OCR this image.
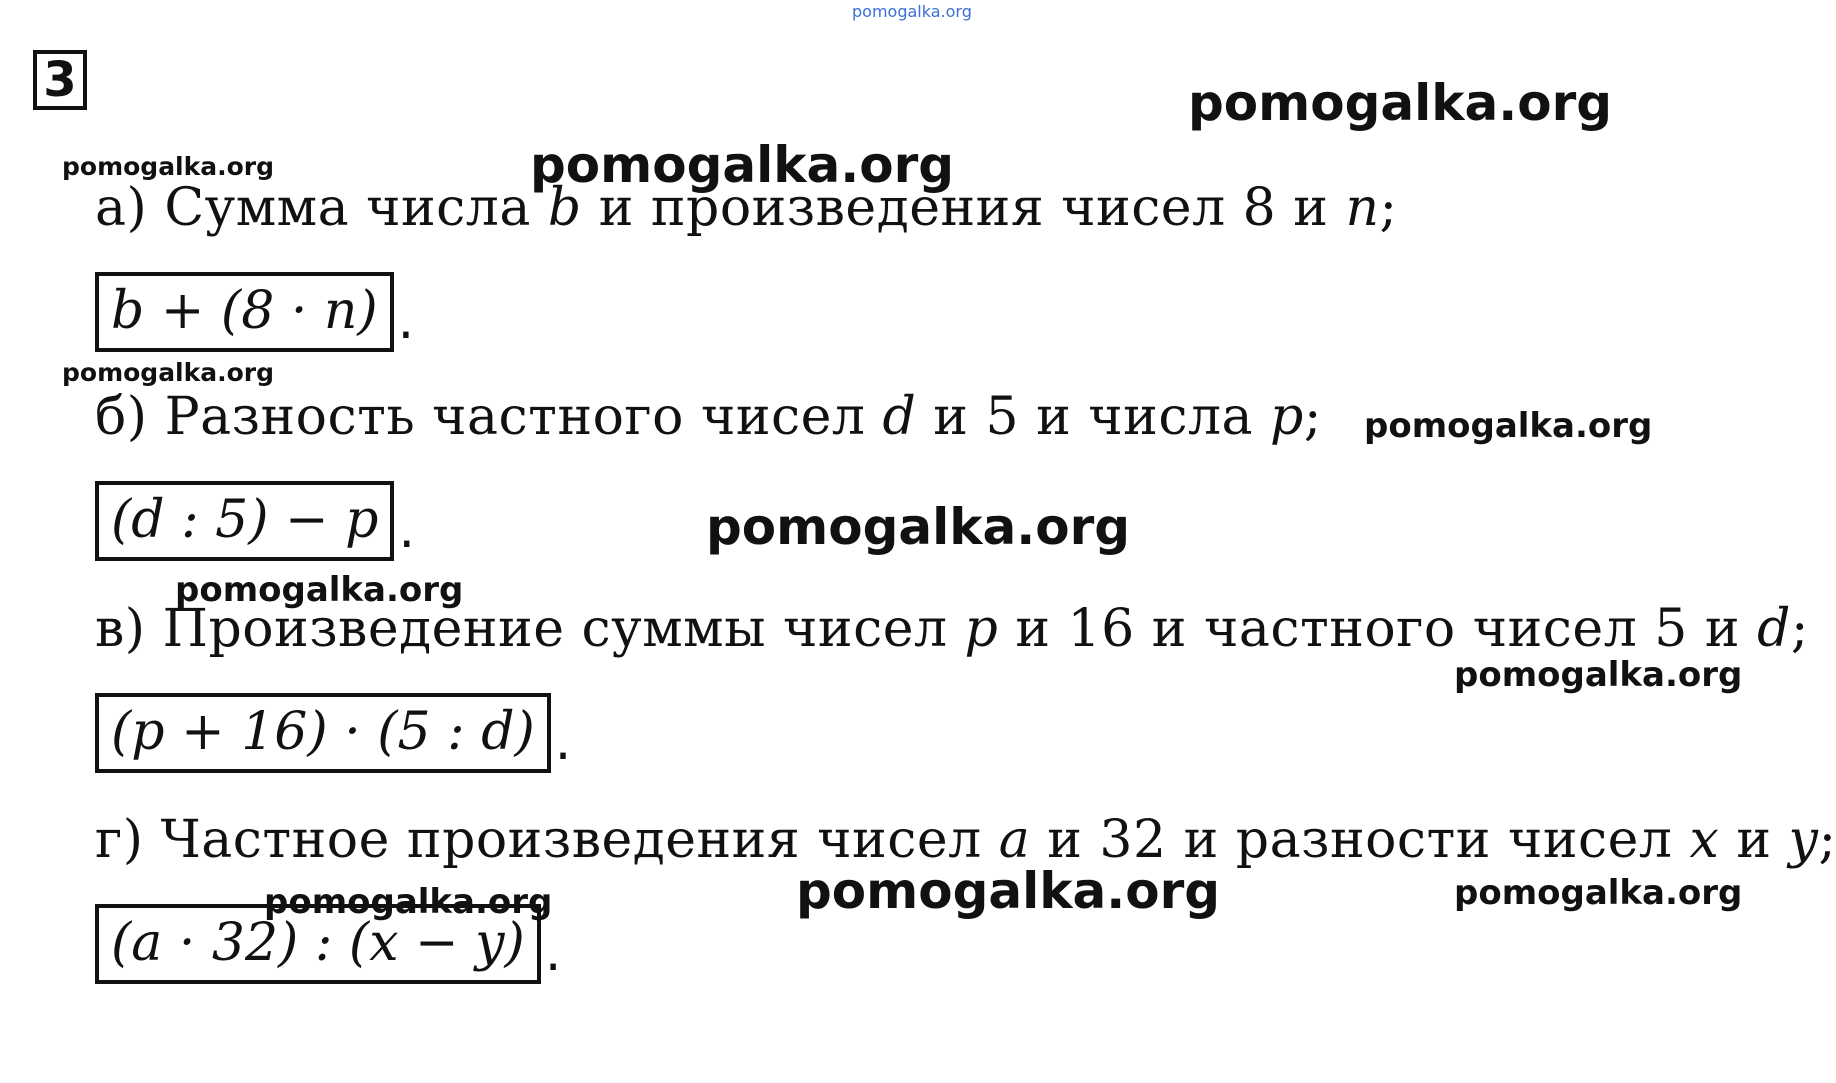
3
а) Сумма числа b и произведения чисел 8 и n;
b + (8 · n) .
б) Разность частного чисел d и 5 и числа p;
(d : 5) − p .
в) Произведение суммы чисел p и 16 и частного чисел 5 и d;
(p + 16) · (5 : d) .
г) Частное произведения чисел a и 32 и разности чисел x и y;
(a · 32) : (x − y) .
pomogalka.org
pomogalka.org
pomogalka.org	pomogalka.org
pomogalka.org
pomogalka.org
pomogalka.org
pomogalka.org
pomogalka.org
pomogalka.org	pomogalka.org	pomogalka.org
